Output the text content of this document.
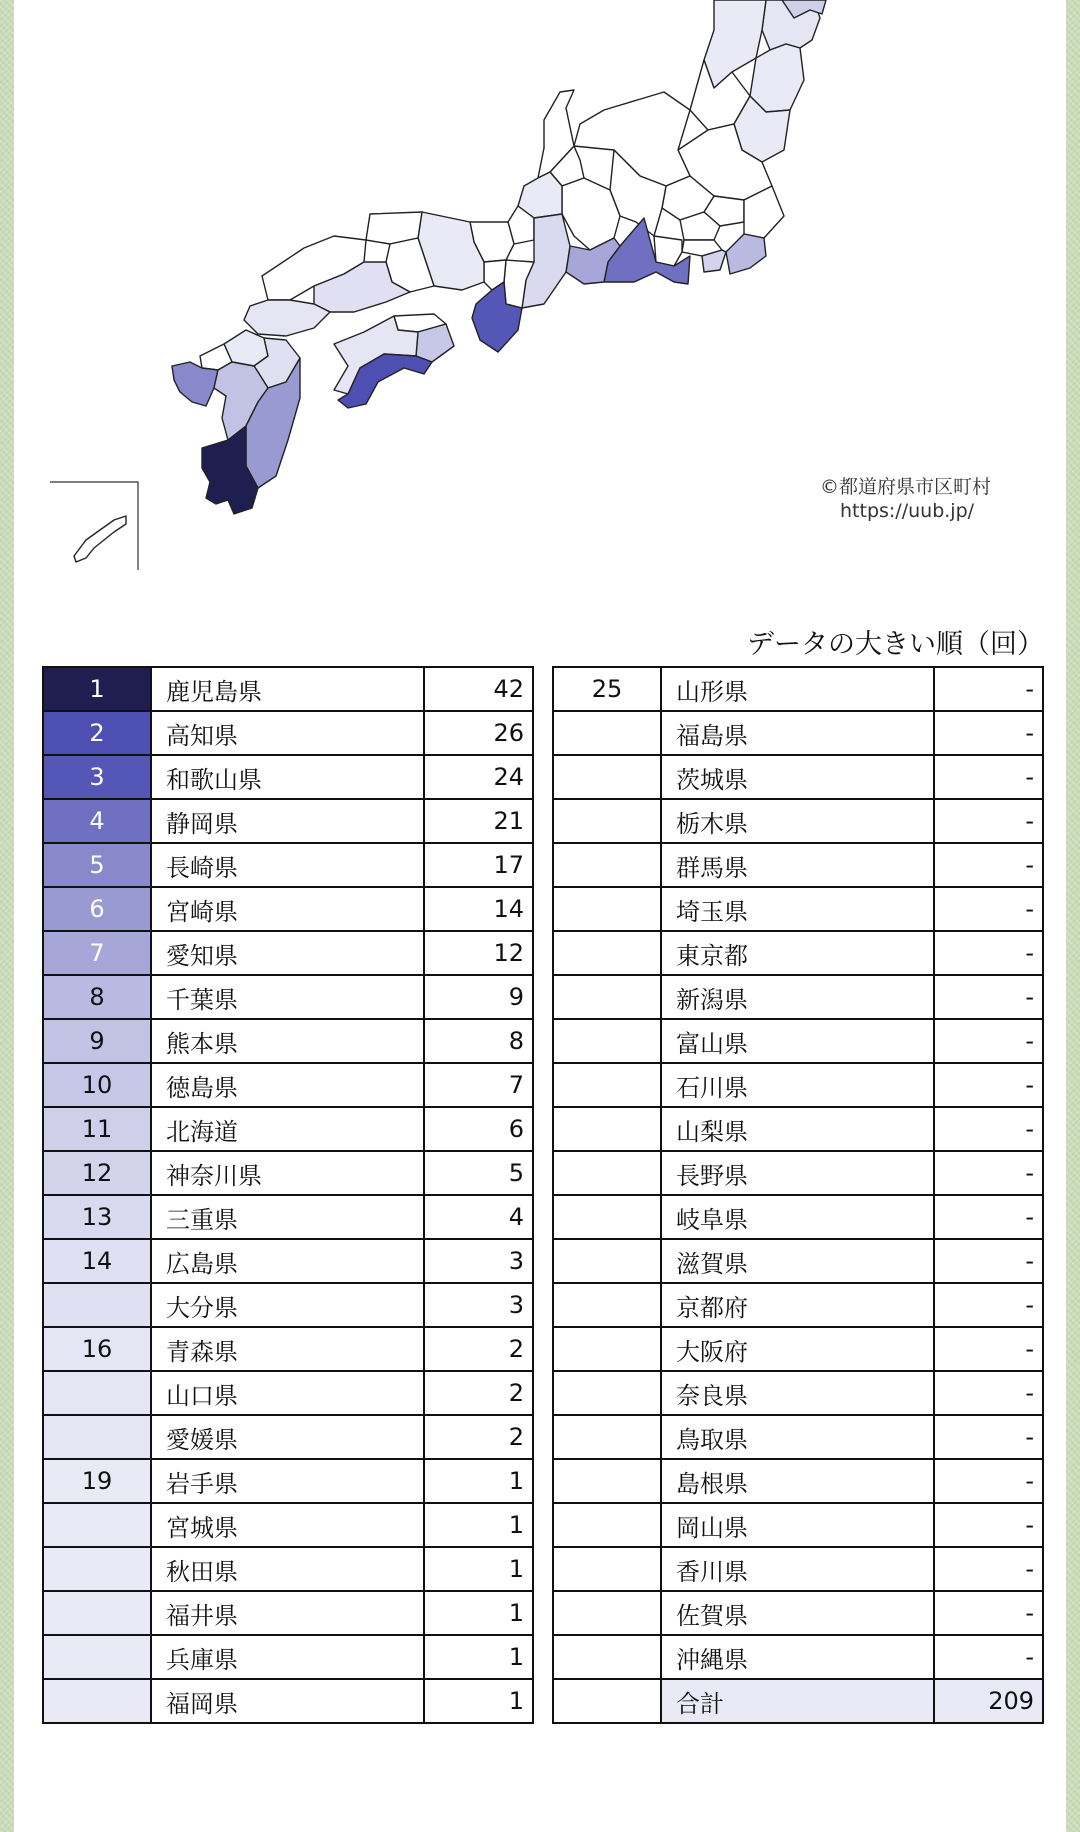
©都道府県市区町村
https://uub.jp/
データの大きい順（回）
1	鹿児島県	42
2	高知県	26
3	和歌山県	24
4	静岡県	21
5	長崎県	17
6	宮崎県	14
7	愛知県	12
8	千葉県	9
9	熊本県	8
10	徳島県	7
11	北海道	6
12	神奈川県	5
13	三重県	4
14	広島県	3
	大分県	3
16	青森県	2
	山口県	2
	愛媛県	2
19	岩手県	1
	宮城県	1
	秋田県	1
	福井県	1
	兵庫県	1
	福岡県	1
25	山形県	-
	福島県	-
	茨城県	-
	栃木県	-
	群馬県	-
	埼玉県	-
	東京都	-
	新潟県	-
	富山県	-
	石川県	-
	山梨県	-
	長野県	-
	岐阜県	-
	滋賀県	-
	京都府	-
	大阪府	-
	奈良県	-
	鳥取県	-
	島根県	-
	岡山県	-
	香川県	-
	佐賀県	-
	沖縄県	-
	合計	209
